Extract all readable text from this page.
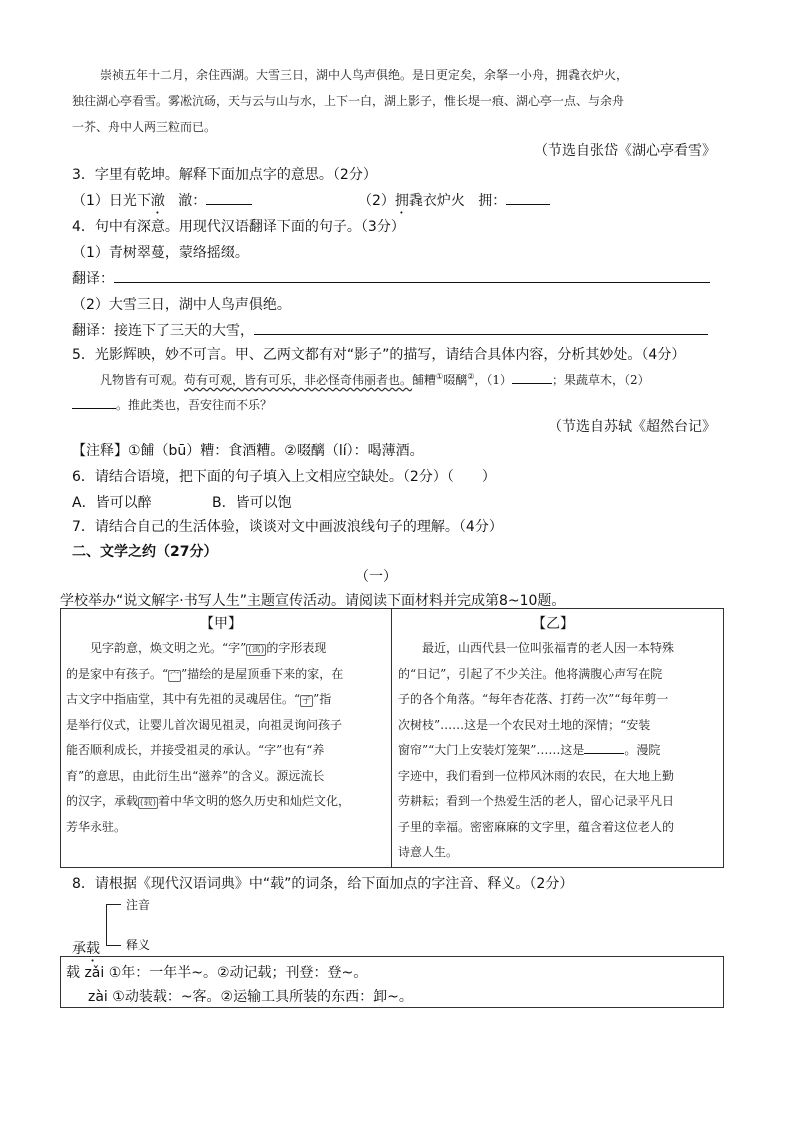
崇祯五年十二月，余住西湖。大雪三日，湖中人鸟声俱绝。是日更定矣，余拏一小舟，拥毳衣炉火，
独往湖心亭看雪。雾凇沆砀，天与云与山与水，上下一白，湖上影子，惟长堤一痕、湖心亭一点、与余舟
一芥、舟中人两三粒而已。
（节选自张岱《湖心亭看雪》
3．字里有乾坤。解释下面加点字的意思。（2分）
（1）日光下澈 澈：	（2）拥毳衣炉火 拥：
4．句中有深意。用现代汉语翻译下面的句子。（3分）
（1）青树翠蔓，蒙络摇缀。
翻译：
（2）大雪三日，湖中人鸟声俱绝。
翻译：接连下了三天的大雪，
5．光影辉映，妙不可言。甲、乙两文都有对“影子”的描写，请结合具体内容，分析其妙处。（4分）
凡物皆有可观。苟有可观，皆有可乐，非必怪奇伟丽者也。餔糟①啜醨②，（1）	；果蔬草木，（2）
。推此类也，吾安往而不乐？
（节选自苏轼《超然台记》
【注释】①餔（bū）糟：食酒糟。②啜醨（lí）：喝薄酒。
6．请结合语境，把下面的句子填入上文相应空缺处。（2分）（　　）
A．皆可以醉	B．皆可以饱
7．请结合自己的生活体验，谈谈对文中画波浪线句子的理解。（4分）
二、文学之约（27分）
（一）
学校举办“说文解字·书写人生”主题宣传活动。请阅读下面材料并完成第8~10题。
【甲】	【乙】
　　见字韵意，焕文明之光。“字” (㝢) 的字形表现
的是家中有孩子。“ 宀 ”描绘的是屋顶垂下来的家，在
古文字中指庙堂，其中有先祖的灵魂居住。“ 孑 ”指
是举行仪式，让婴儿首次谒见祖灵，向祖灵询问孩子
能否顺利成长，并接受祖灵的承认。“字”也有“养
育”的意思，由此衍生出“滋养”的含义。源远流长
的汉字，承载 (载) 着中华文明的悠久历史和灿烂文化，
芳华永驻。
　　最近，山西代县一位叫张福青的老人因一本特殊
的“日记”，引起了不少关注。他将满腹心声写在院
子的各个角落。“每年杏花落、打药一次”“每年剪一
次树枝”……这是一个农民对土地的深情；“安装
窗帘”“大门上安装灯笼架”……这是	。漫院
字迹中，我们看到一位栉风沐雨的农民，在大地上勤
劳耕耘；看到一个热爱生活的老人，留心记录平凡日
子里的幸福。密密麻麻的文字里，蕴含着这位老人的
诗意人生。
8．请根据《现代汉语词典》中“载”的词条，给下面加点的字注音、释义。（2分）
注音
释义
承载
载 zǎi ①年：一年半~。②动记载；刊登：登~。
zài ①动装载：~客。②运输工具所装的东西：卸~。
